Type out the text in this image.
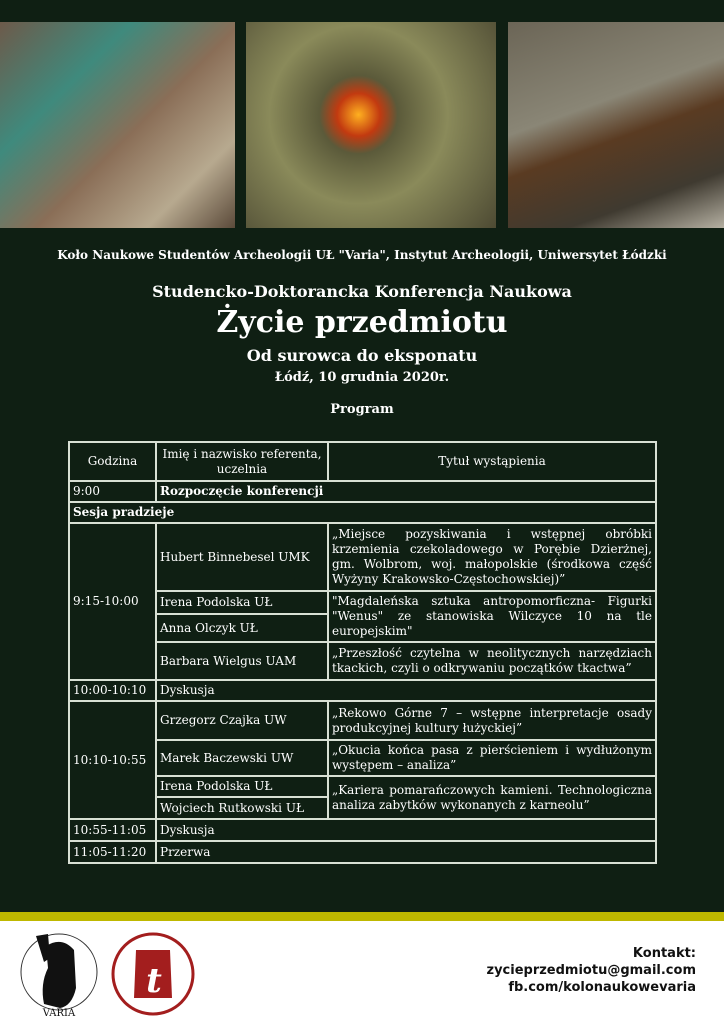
Koło Naukowe Studentów Archeologii UŁ "Varia", Instytut Archeologii, Uniwersytet Łódzki
Studencko-Doktorancka Konferencja Naukowa
Życie przedmiotu
Od surowca do eksponatu
Łódź, 10 grudnia 2020r.
Program
Godzina	Imię i nazwisko referenta, uczelnia	Tytuł wystąpienia
9:00	Rozpoczęcie konferencji	
Sesja pradzieje		
9:15-10:00	Hubert Binnebesel UMK	„Miejsce pozyskiwania i wstępnej obróbki krzemienia czekoladowego w Porębie Dzierżnej, gm. Wolbrom, woj. małopolskie (środkowa część Wyżyny Krakowsko-Częstochowskiej)”
	Irena Podolska UŁ	"Magdaleńska sztuka antropomorficzna- Figurki "Wenus" ze stanowiska Wilczyce 10 na tle europejskim"
	Anna Olczyk UŁ	
	Barbara Wielgus UAM	„Przeszłość czytelna w neolitycznych narzędziach tkackich, czyli o odkrywaniu początków tkactwa”
10:00-10:10	Dyskusja	
10:10-10:55	Grzegorz Czajka UW	„Rekowo Górne 7 – wstępne interpretacje osady produkcyjnej kultury łużyckiej”
	Marek Baczewski UW	„Okucia końca pasa z pierścieniem i wydłużonym występem – analiza”
	Irena Podolska UŁ	„Kariera pomarańczowych kamieni. Technologiczna analiza zabytków wykonanych z karneolu”
	Wojciech Rutkowski UŁ	
10:55-11:05	Dyskusja	
11:05-11:20	Przerwa	
VARIA
t
Kontakt:
zycieprzedmiotu@gmail.com
fb.com/kolonaukowevaria
